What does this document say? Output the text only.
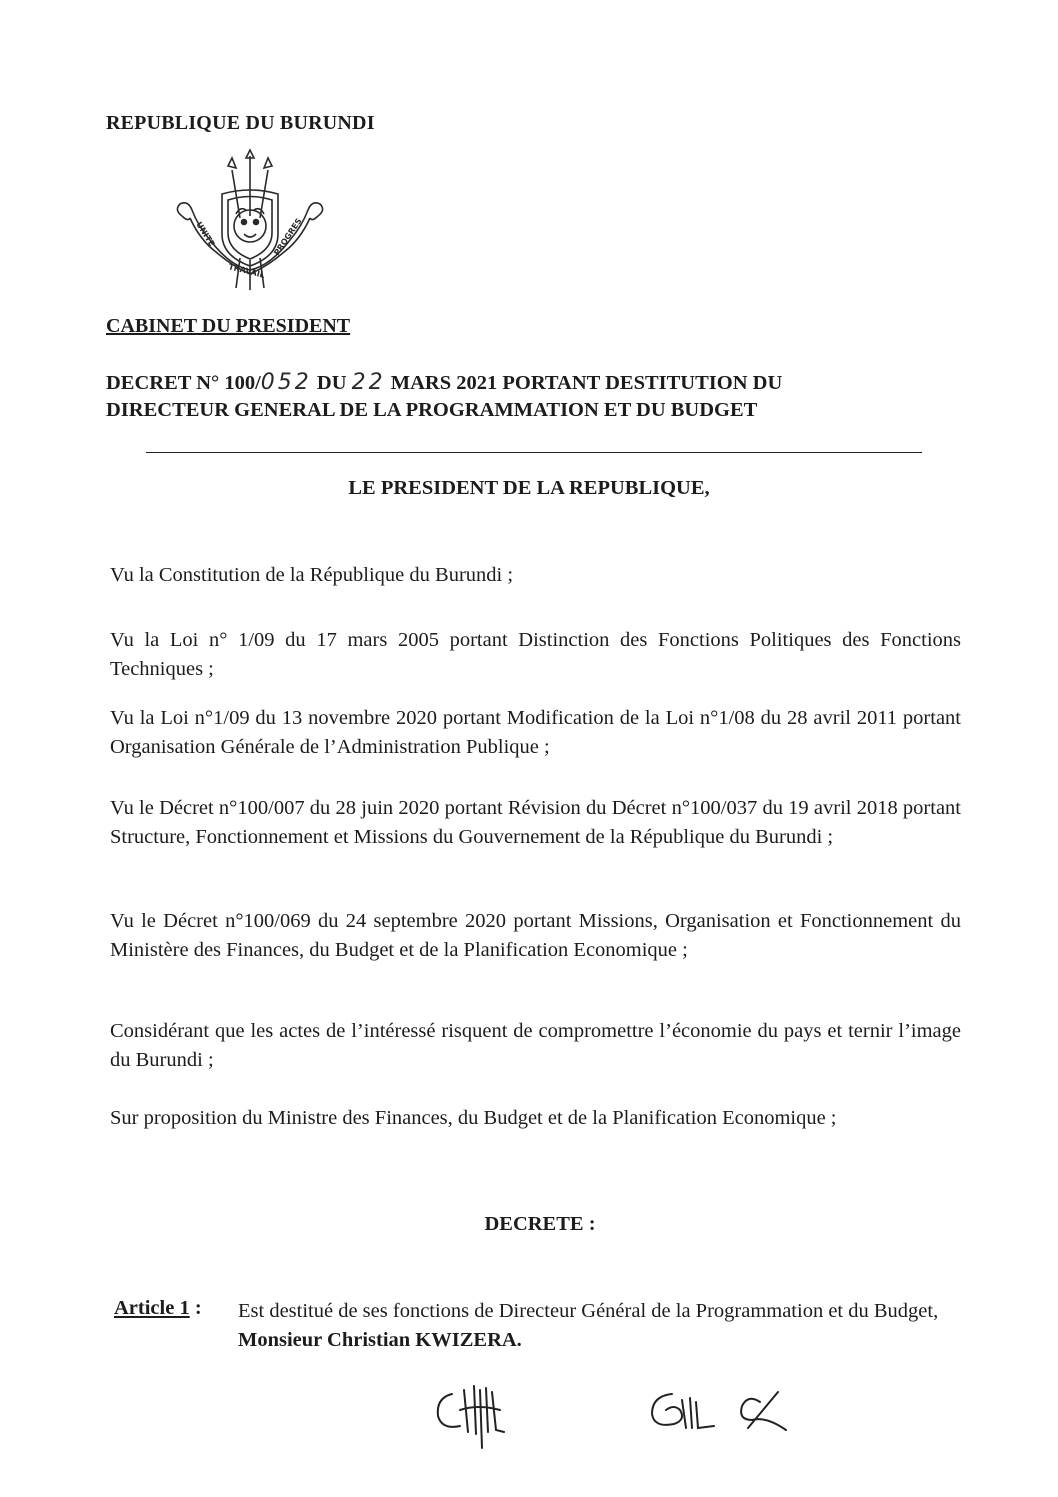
REPUBLIQUE DU BURUNDI
UNITE
TRAVAIL
PROGRES
CABINET DU PRESIDENT
DECRET N° 100/052 DU 22 MARS 2021 PORTANT DESTITUTION DU
DIRECTEUR GENERAL DE LA PROGRAMMATION ET DU BUDGET
LE PRESIDENT DE LA REPUBLIQUE,
Vu la Constitution de la République du Burundi ;
Vu la Loi n° 1/09 du 17 mars 2005 portant Distinction des Fonctions Politiques des Fonctions Techniques ;
Vu la Loi n°1/09 du 13 novembre 2020 portant Modification de la Loi n°1/08 du 28 avril 2011 portant Organisation Générale de l’Administration Publique ;
Vu le Décret n°100/007 du 28 juin 2020 portant Révision du Décret n°100/037 du 19 avril 2018 portant Structure, Fonctionnement et Missions du Gouvernement de la République du Burundi ;
Vu le Décret n°100/069 du 24 septembre 2020 portant Missions, Organisation et Fonctionnement du Ministère des Finances, du Budget et de la Planification Economique ;
Considérant que les actes de l’intéressé risquent de compromettre l’économie du pays et ternir l’image du Burundi ;
Sur proposition du Ministre des Finances, du Budget et de la Planification Economique ;
DECRETE :
Article 1 : Est destitué de ses fonctions de Directeur Général de la Programmation et du Budget, Monsieur Christian KWIZERA.
